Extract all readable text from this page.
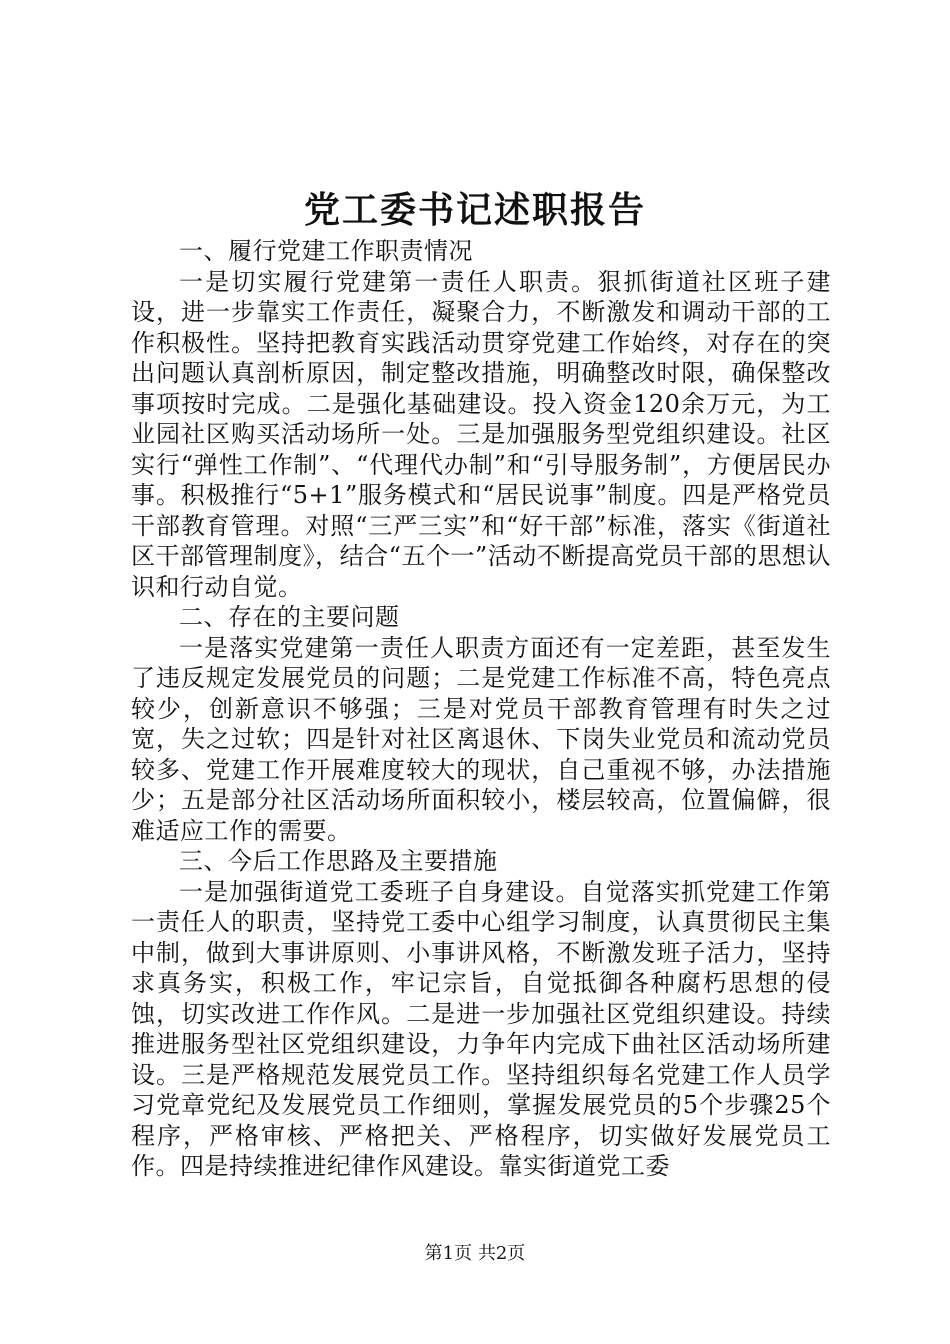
党工委书记述职报告

一、履行党建工作职责情况

一是切实履行党建第一责任人职责。狠抓街道社区班子建设，进一步靠实工作责任，凝聚合力，不断激发和调动干部的工作积极性。坚持把教育实践活动贯穿党建工作始终，对存在的突出问题认真剖析原因，制定整改措施，明确整改时限，确保整改事项按时完成。二是强化基础建设。投入资金120余万元，为工业园社区购买活动场所一处。三是加强服务型党组织建设。社区实行“弹性工作制”、“代理代办制”和“引导服务制”，方便居民办事。积极推行“5+1”服务模式和“居民说事”制度。四是严格党员干部教育管理。对照“三严三实”和“好干部”标准，落实《街道社区干部管理制度》，结合“五个一”活动不断提高党员干部的思想认识和行动自觉。

二、存在的主要问题

一是落实党建第一责任人职责方面还有一定差距，甚至发生了违反规定发展党员的问题；二是党建工作标准不高，特色亮点较少，创新意识不够强；三是对党员干部教育管理有时失之过宽，失之过软；四是针对社区离退休、下岗失业党员和流动党员较多、党建工作开展难度较大的现状，自己重视不够，办法措施少；五是部分社区活动场所面积较小，楼层较高，位置偏僻，很难适应工作的需要。

三、今后工作思路及主要措施

一是加强街道党工委班子自身建设。自觉落实抓党建工作第一责任人的职责，坚持党工委中心组学习制度，认真贯彻民主集中制，做到大事讲原则、小事讲风格，不断激发班子活力，坚持求真务实，积极工作，牢记宗旨，自觉抵御各种腐朽思想的侵蚀，切实改进工作作风。二是进一步加强社区党组织建设。持续推进服务型社区党组织建设，力争年内完成下曲社区活动场所建设。三是严格规范发展党员工作。坚持组织每名党建工作人员学习党章党纪及发展党员工作细则，掌握发展党员的5个步骤25个程序，严格审核、严格把关、严格程序，切实做好发展党员工作。四是持续推进纪律作风建设。靠实街道党工委

第1页 共2页
